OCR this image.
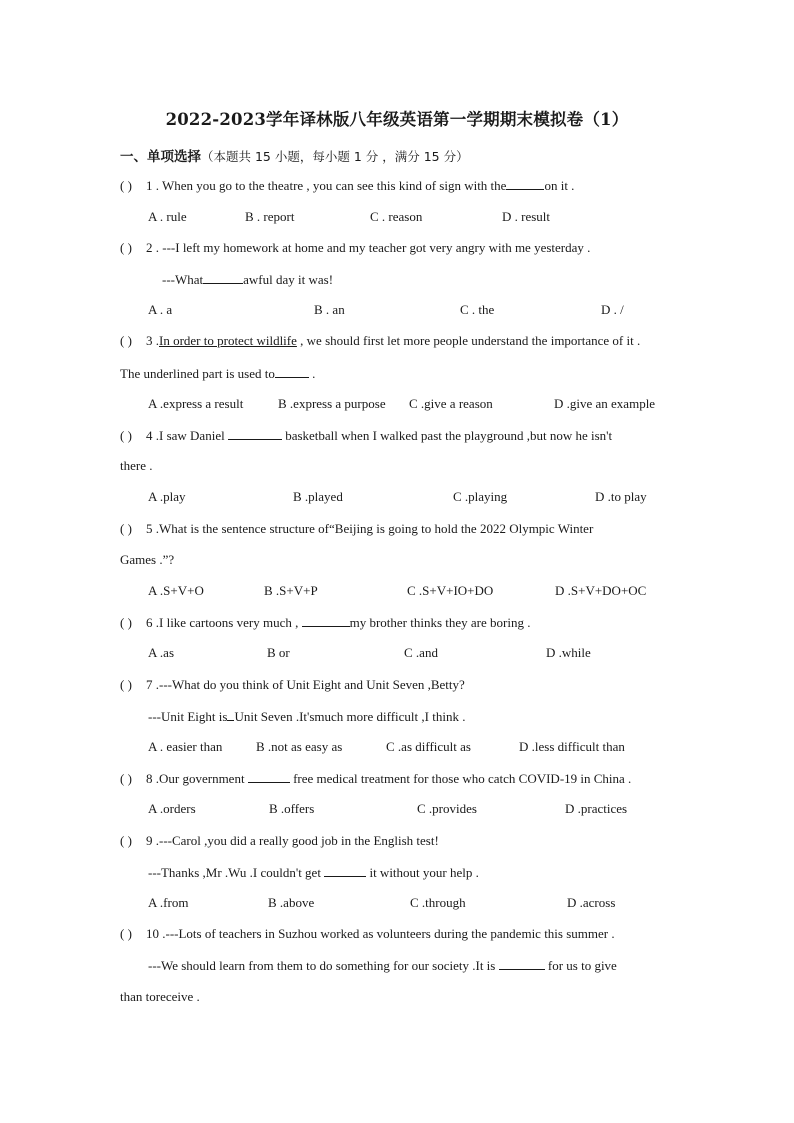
2022-2023学年译林版八年级英语第一学期期末模拟卷（1）
一、单项选择（本题共 15 小题，每小题 1 分 ，满分 15 分）
( ) 1 . When you go to the theatre , you can see this kind of sign with the	on it .
A . rule	B . report	C . reason	D . result
( ) 2 . ---I left my homework at home and my teacher got very angry with me yesterday .
---What	awful day it was!
A . a	B . an	C . the	D . /
( ) 3 .In order to protect wildlife , we should first let more people understand the importance of it .
The underlined part is used to	.
A .express a result	B .express a purpose C .give a reason	D .give an example
( ) 4 .I saw Daniel	basketball when I walked past the playground ,but now he isn't
there .
A .play	B .played	C .playing	D .to play
( ) 5 .What is the sentence structure of“Beijing is going to hold the 2022 Olympic Winter
Games .”?
A .S+V+O	B .S+V+P	C .S+V+IO+DO	D .S+V+DO+OC
( ) 6 .I like cartoons very much ,	my brother thinks they are boring .
A .as	B or	C .and	D .while
( ) 7 .---What do you think of Unit Eight and Unit Seven ,Betty?
---Unit Eight is Unit Seven .It'smuch more difficult ,I think .
A . easier than	B .not as easy as	C .as difficult as	D .less difficult than
( ) 8 .Our government	free medical treatment for those who catch COVID-19 in China .
A .orders	B .offers	C .provides	D .practices
( ) 9 .---Carol ,you did a really good job in the English test!
---Thanks ,Mr .Wu .I couldn't get	it without your help .
A .from	B .above	C .through	D .across
( ) 10 .---Lots of teachers in Suzhou worked as volunteers during the pandemic this summer .
---We should learn from them to do something for our society .It is	for us to give
than toreceive .
